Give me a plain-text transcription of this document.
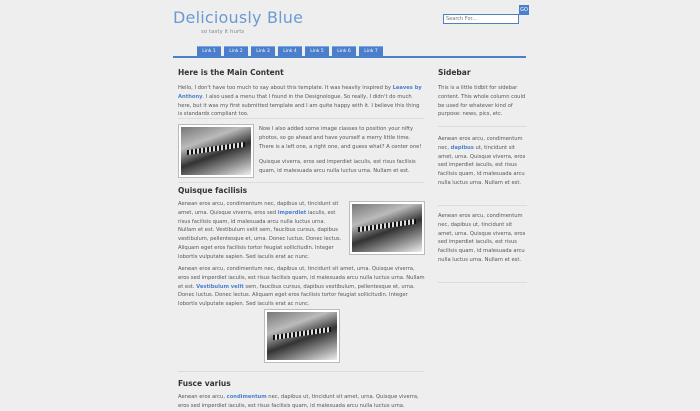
Deliciously Blue
so tasty it hurts
Search For...
GO
Link 1	Link 2	Link 3	Link 4	Link 5	Link 6	Link 7
Here is the Main Content

Hello, I don't have too much to say about this template. It was heavily inspired by Leaves by Anthony. I also used a menu that I found in the Designologue. So really, I didn't do much here, but it was my first submitted template and I am quite happy with it. I believe this thing is standards compliant too.

Now I also added some image classes to position your nifty photos, so go ahead and have yourself a merry little time. There is a left one, a right one, and guess what? A center one!

Quisque viverra, eros sed imperdiet iaculis, est risus facilisis quam, id malesuada arcu nulla luctus urna. Nullam et est.

Quisque facilisis

Aenean eros arcu, condimentum nec, dapibus ut, tincidunt sit amet, urna. Quisque viverra, eros sed imperdiet iaculis, est risus facilisis quam, id malesuada arcu nulla luctus urna. Nullam et est. Vestibulum velit sem, faucibus cursus, dapibus vestibulum, pellentesque et, urna. Donec luctus. Donec lectus. Aliquam eget eros facilisis tortor feugiat sollicitudin. Integer lobortis vulputate sapien. Sed iaculis erat ac nunc.

Aenean eros arcu, condimentum nec, dapibus ut, tincidunt sit amet, urna. Quisque viverra, eros sed imperdiet iaculis, est risus facilisis quam, id malesuada arcu nulla luctus urna. Nullam et est. Vestibulum velit sem, faucibus cursus, dapibus vestibulum, pellentesque et, urna. Donec luctus. Donec lectus. Aliquam eget eros facilisis tortor feugiat sollicitudin. Integer lobortis vulputate sapien. Sed iaculis erat ac nunc.

Fusce varius

Aenean eros arcu, condimentum nec, dapibus ut, tincidunt sit amet, urna. Quisque viverra, eros sed imperdiet iaculis, est risus facilisis quam, id malesuada arcu nulla luctus urna.

Sidebar

This is a little tidbit for sidebar content. This whole column could be used for whatever kind of purpose: news, pics, etc.

Aenean eros arcu, condimentum nec, dapibus ut, tincidunt sit amet, urna. Quisque viverra, eros sed imperdiet iaculis, est risus facilisis quam, id malesuada arcu nulla luctus urna. Nullam et est.

Aenean eros arcu, condimentum nec, dapibus ut, tincidunt sit amet, urna. Quisque viverra, eros sed imperdiet iaculis, est risus facilisis quam, id malesuada arcu nulla luctus urna. Nullam et est.
